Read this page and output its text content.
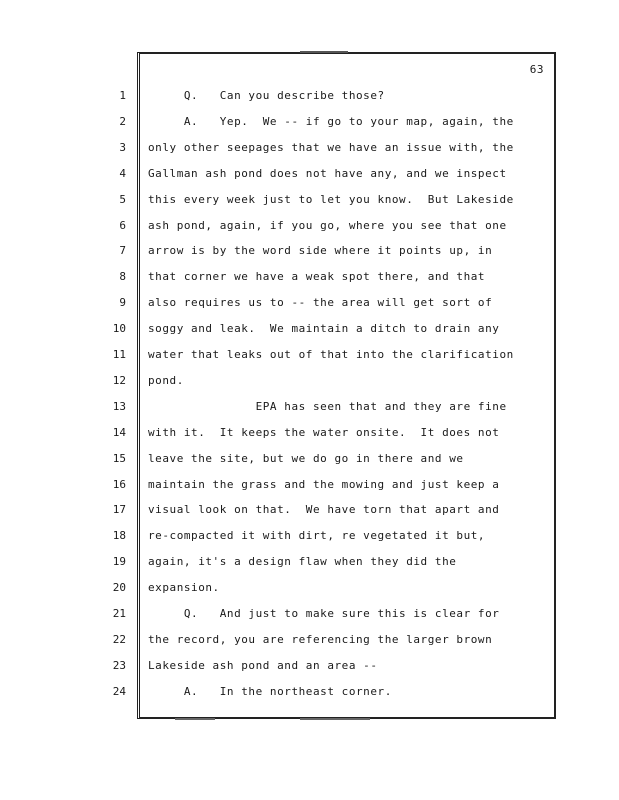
63
1 Q.   Can you describe those?
2 A.   Yep.  We -- if go to your map, again, the
3 only other seepages that we have an issue with, the
4 Gallman ash pond does not have any, and we inspect
5 this every week just to let you know.  But Lakeside
6 ash pond, again, if you go, where you see that one
7 arrow is by the word side where it points up, in
8 that corner we have a weak spot there, and that
9 also requires us to -- the area will get sort of
10 soggy and leak.  We maintain a ditch to drain any
11 water that leaks out of that into the clarification
12 pond.
13 EPA has seen that and they are fine
14 with it.  It keeps the water onsite.  It does not
15 leave the site, but we do go in there and we
16 maintain the grass and the mowing and just keep a
17 visual look on that.  We have torn that apart and
18 re-compacted it with dirt, re vegetated it but,
19 again, it's a design flaw when they did the
20 expansion.
21 Q.   And just to make sure this is clear for
22 the record, you are referencing the larger brown
23 Lakeside ash pond and an area --
24 A.   In the northeast corner.
